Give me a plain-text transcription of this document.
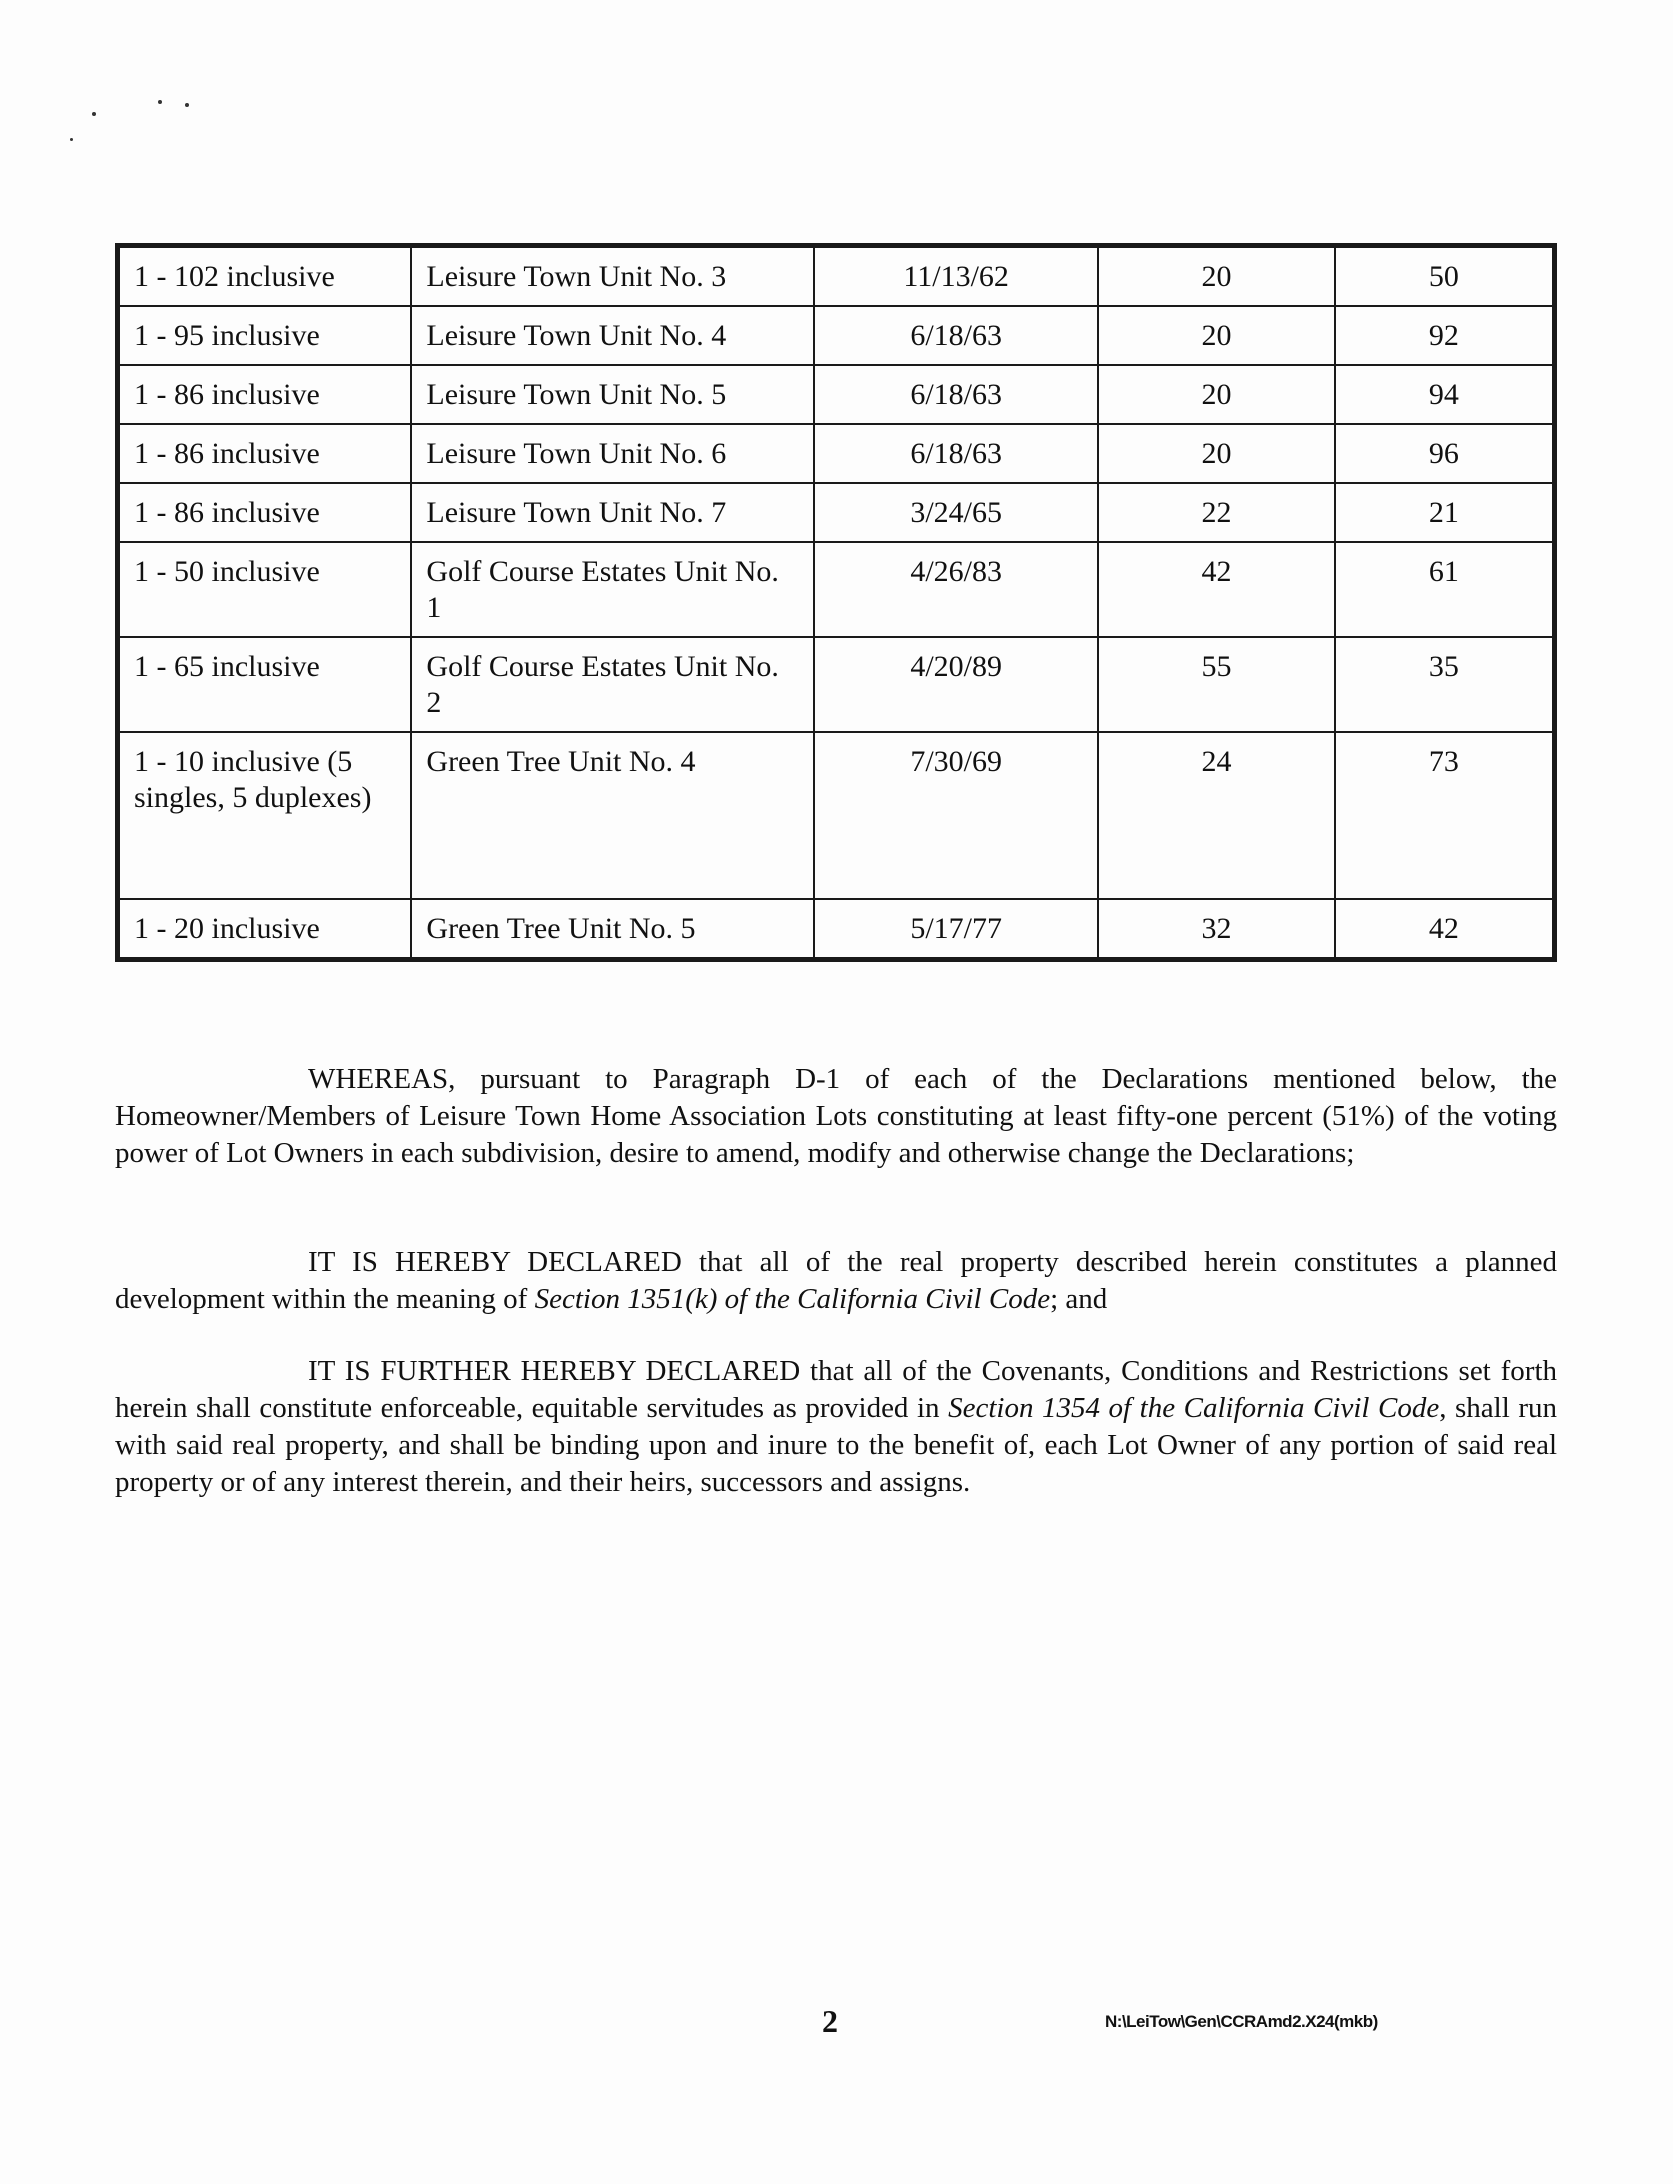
1 - 102 inclusive	Leisure Town Unit No. 3	11/13/62	20	50
1 - 95 inclusive	Leisure Town Unit No. 4	6/18/63	20	92
1 - 86 inclusive	Leisure Town Unit No. 5	6/18/63	20	94
1 - 86 inclusive	Leisure Town Unit No. 6	6/18/63	20	96
1 - 86 inclusive	Leisure Town Unit No. 7	3/24/65	22	21
1 - 50 inclusive	Golf Course Estates Unit No. 1	4/26/83	42	61
1 - 65 inclusive	Golf Course Estates Unit No. 2	4/20/89	55	35
1 - 10 inclusive (5 singles, 5 duplexes)	Green Tree Unit No. 4	7/30/69	24	73
1 - 20 inclusive	Green Tree Unit No. 5	5/17/77	32	42

WHEREAS, pursuant to Paragraph D-1 of each of the Declarations mentioned below, the Homeowner/Members of Leisure Town Home Association Lots constituting at least fifty-one percent (51%) of the voting power of Lot Owners in each subdivision, desire to amend, modify and otherwise change the Declarations;

IT IS HEREBY DECLARED that all of the real property described herein constitutes a planned development within the meaning of Section 1351(k) of the California Civil Code; and

IT IS FURTHER HEREBY DECLARED that all of the Covenants, Conditions and Restrictions set forth herein shall constitute enforceable, equitable servitudes as provided in Section 1354 of the California Civil Code, shall run with said real property, and shall be binding upon and inure to the benefit of, each Lot Owner of any portion of said real property or of any interest therein, and their heirs, successors and assigns.

2	N:\LeiTow\Gen\CCRAmd2.X24(mkb)
